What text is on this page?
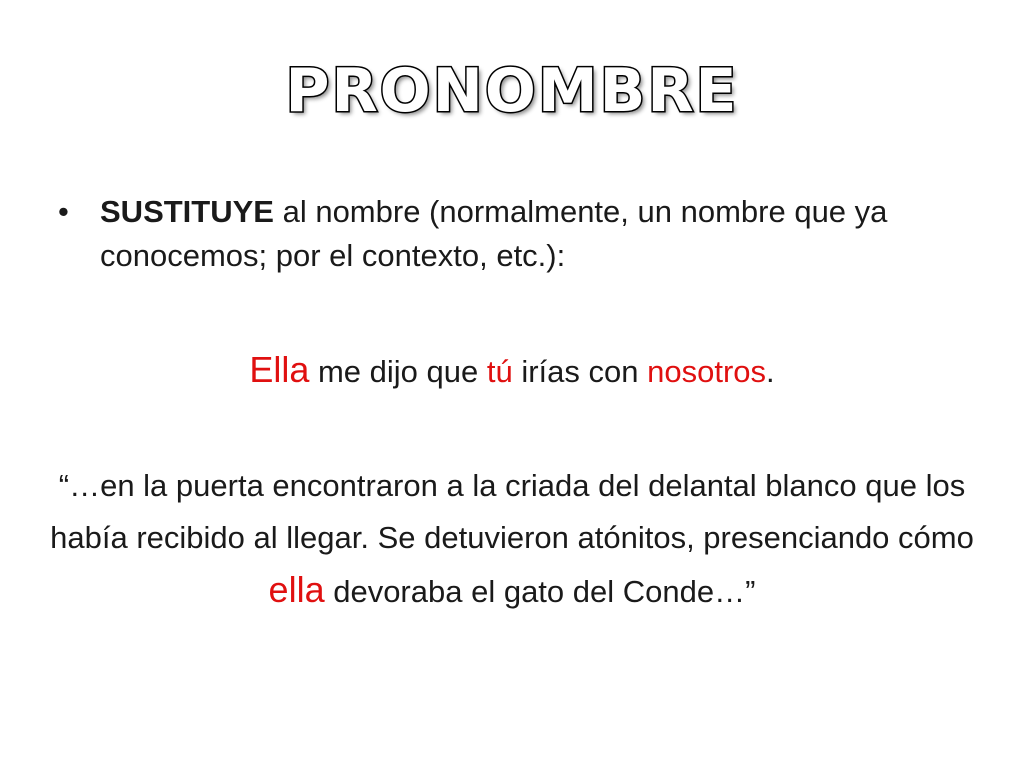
PRONOMBRE
• SUSTITUYE al nombre (normalmente, un nombre que ya conocemos; por el contexto, etc.):
Ella me dijo que tú irías con nosotros.
“…en la puerta encontraron a la criada del delantal blanco que los había recibido al llegar. Se detuvieron atónitos, presenciando cómo ella devoraba el gato del Conde…”
